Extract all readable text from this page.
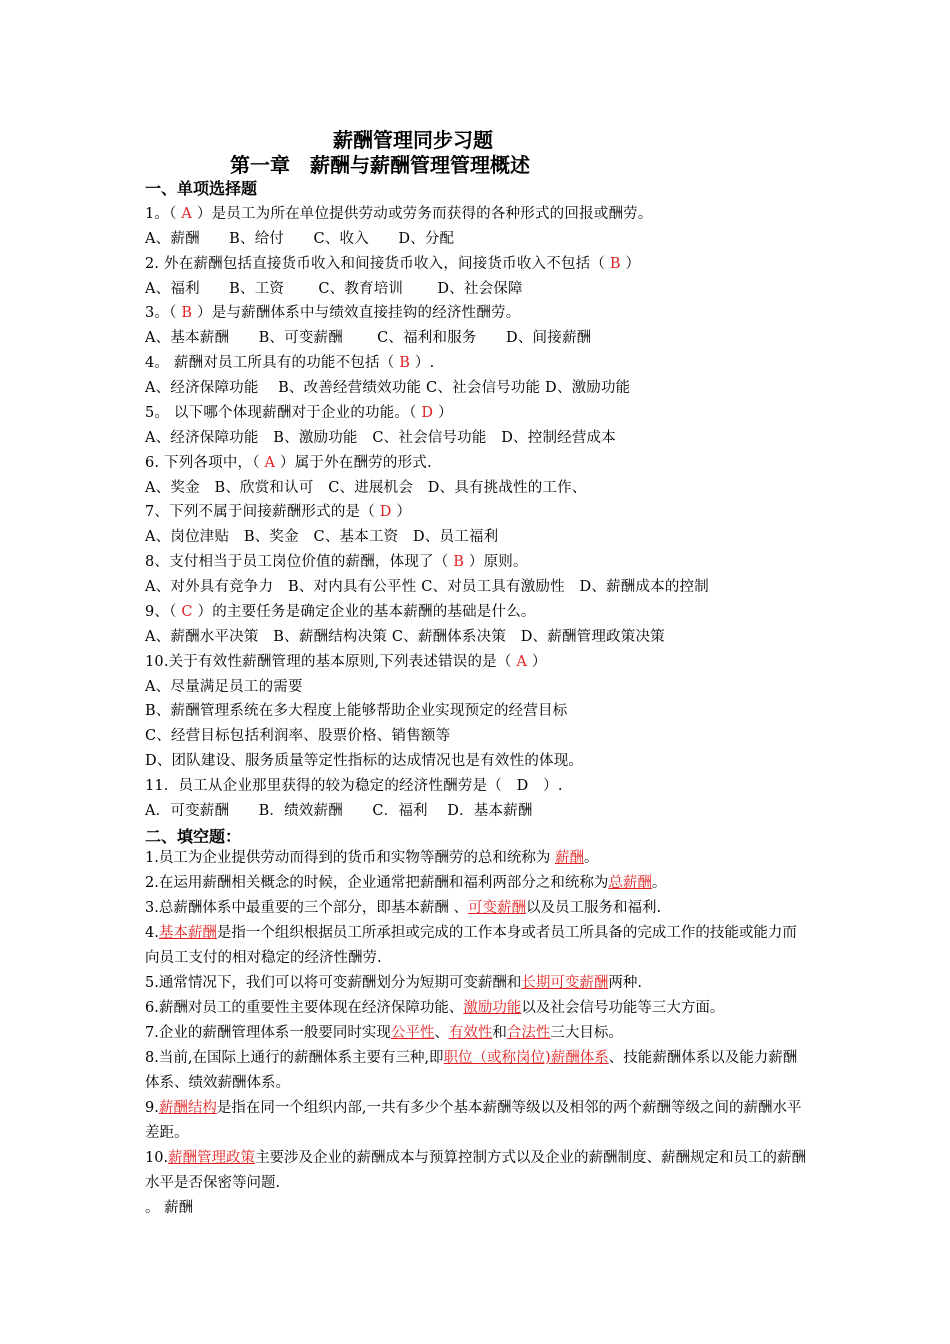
薪酬管理同步习题
第一章　薪酬与薪酬管理管理概述
一、单项选择题
1。（ A ）是员工为所在单位提供劳动或劳务而获得的各种形式的回报或酬劳。
A、薪酬　　B、给付　　C、收入　　D、分配
2. 外在薪酬包括直接货币收入和间接货币收入，间接货币收入不包括（ B ）
A、福利　　B、工资　　 C、教育培训　　 D、社会保障
3。（ B ）是与薪酬体系中与绩效直接挂钩的经济性酬劳。
A、基本薪酬　　B、可变薪酬　　 C、福利和服务　　D、间接薪酬
4。 薪酬对员工所具有的功能不包括（ B ）.
A、经济保障功能　 B、改善经营绩效功能 C、社会信号功能 D、激励功能
5。 以下哪个体现薪酬对于企业的功能。（ D ）
A、经济保障功能　B、激励功能　C、社会信号功能　D、控制经营成本
6. 下列各项中，（ A ）属于外在酬劳的形式.
A、奖金　B、欣赏和认可　C、进展机会　D、具有挑战性的工作、
7、下列不属于间接薪酬形式的是（ D ）
A、岗位津贴　B、奖金　C、基本工资　D、员工福利
8、支付相当于员工岗位价值的薪酬，体现了（ B ）原则。
A、对外具有竞争力　B、对内具有公平性 C、对员工具有激励性　D、薪酬成本的控制
9、（ C ）的主要任务是确定企业的基本薪酬的基础是什么。
A、薪酬水平决策　B、薪酬结构决策 C、薪酬体系决策　D、薪酬管理政策决策
10.关于有效性薪酬管理的基本原则,下列表述错误的是（ A ）
A、尽量满足员工的需要
B、薪酬管理系统在多大程度上能够帮助企业实现预定的经营目标
C、经营目标包括利润率、股票价格、销售额等
D、团队建设、服务质量等定性指标的达成情况也是有效性的体现。
11．员工从企业那里获得的较为稳定的经济性酬劳是（　D　）.
A．可变薪酬　　B．绩效薪酬　　C．福利　 D．基本薪酬
二、填空题：
1.员工为企业提供劳动而得到的货币和实物等酬劳的总和统称为 薪酬。
2.在运用薪酬相关概念的时候，企业通常把薪酬和福利两部分之和统称为总薪酬。
3.总薪酬体系中最重要的三个部分，即基本薪酬 、可变薪酬以及员工服务和福利.
4.基本薪酬是指一个组织根据员工所承担或完成的工作本身或者员工所具备的完成工作的技能或能力而向员工支付的相对稳定的经济性酬劳.
5.通常情况下，我们可以将可变薪酬划分为短期可变薪酬和长期可变薪酬两种.
6.薪酬对员工的重要性主要体现在经济保障功能、激励功能以及社会信号功能等三大方面。
7.企业的薪酬管理体系一般要同时实现公平性、有效性和合法性三大目标。
8.当前,在国际上通行的薪酬体系主要有三种,即职位（或称岗位)薪酬体系、技能薪酬体系以及能力薪酬体系、绩效薪酬体系。
9.薪酬结构是指在同一个组织内部,一共有多少个基本薪酬等级以及相邻的两个薪酬等级之间的薪酬水平差距。
10.薪酬管理政策主要涉及企业的薪酬成本与预算控制方式以及企业的薪酬制度、薪酬规定和员工的薪酬水平是否保密等问题.
。 薪酬
